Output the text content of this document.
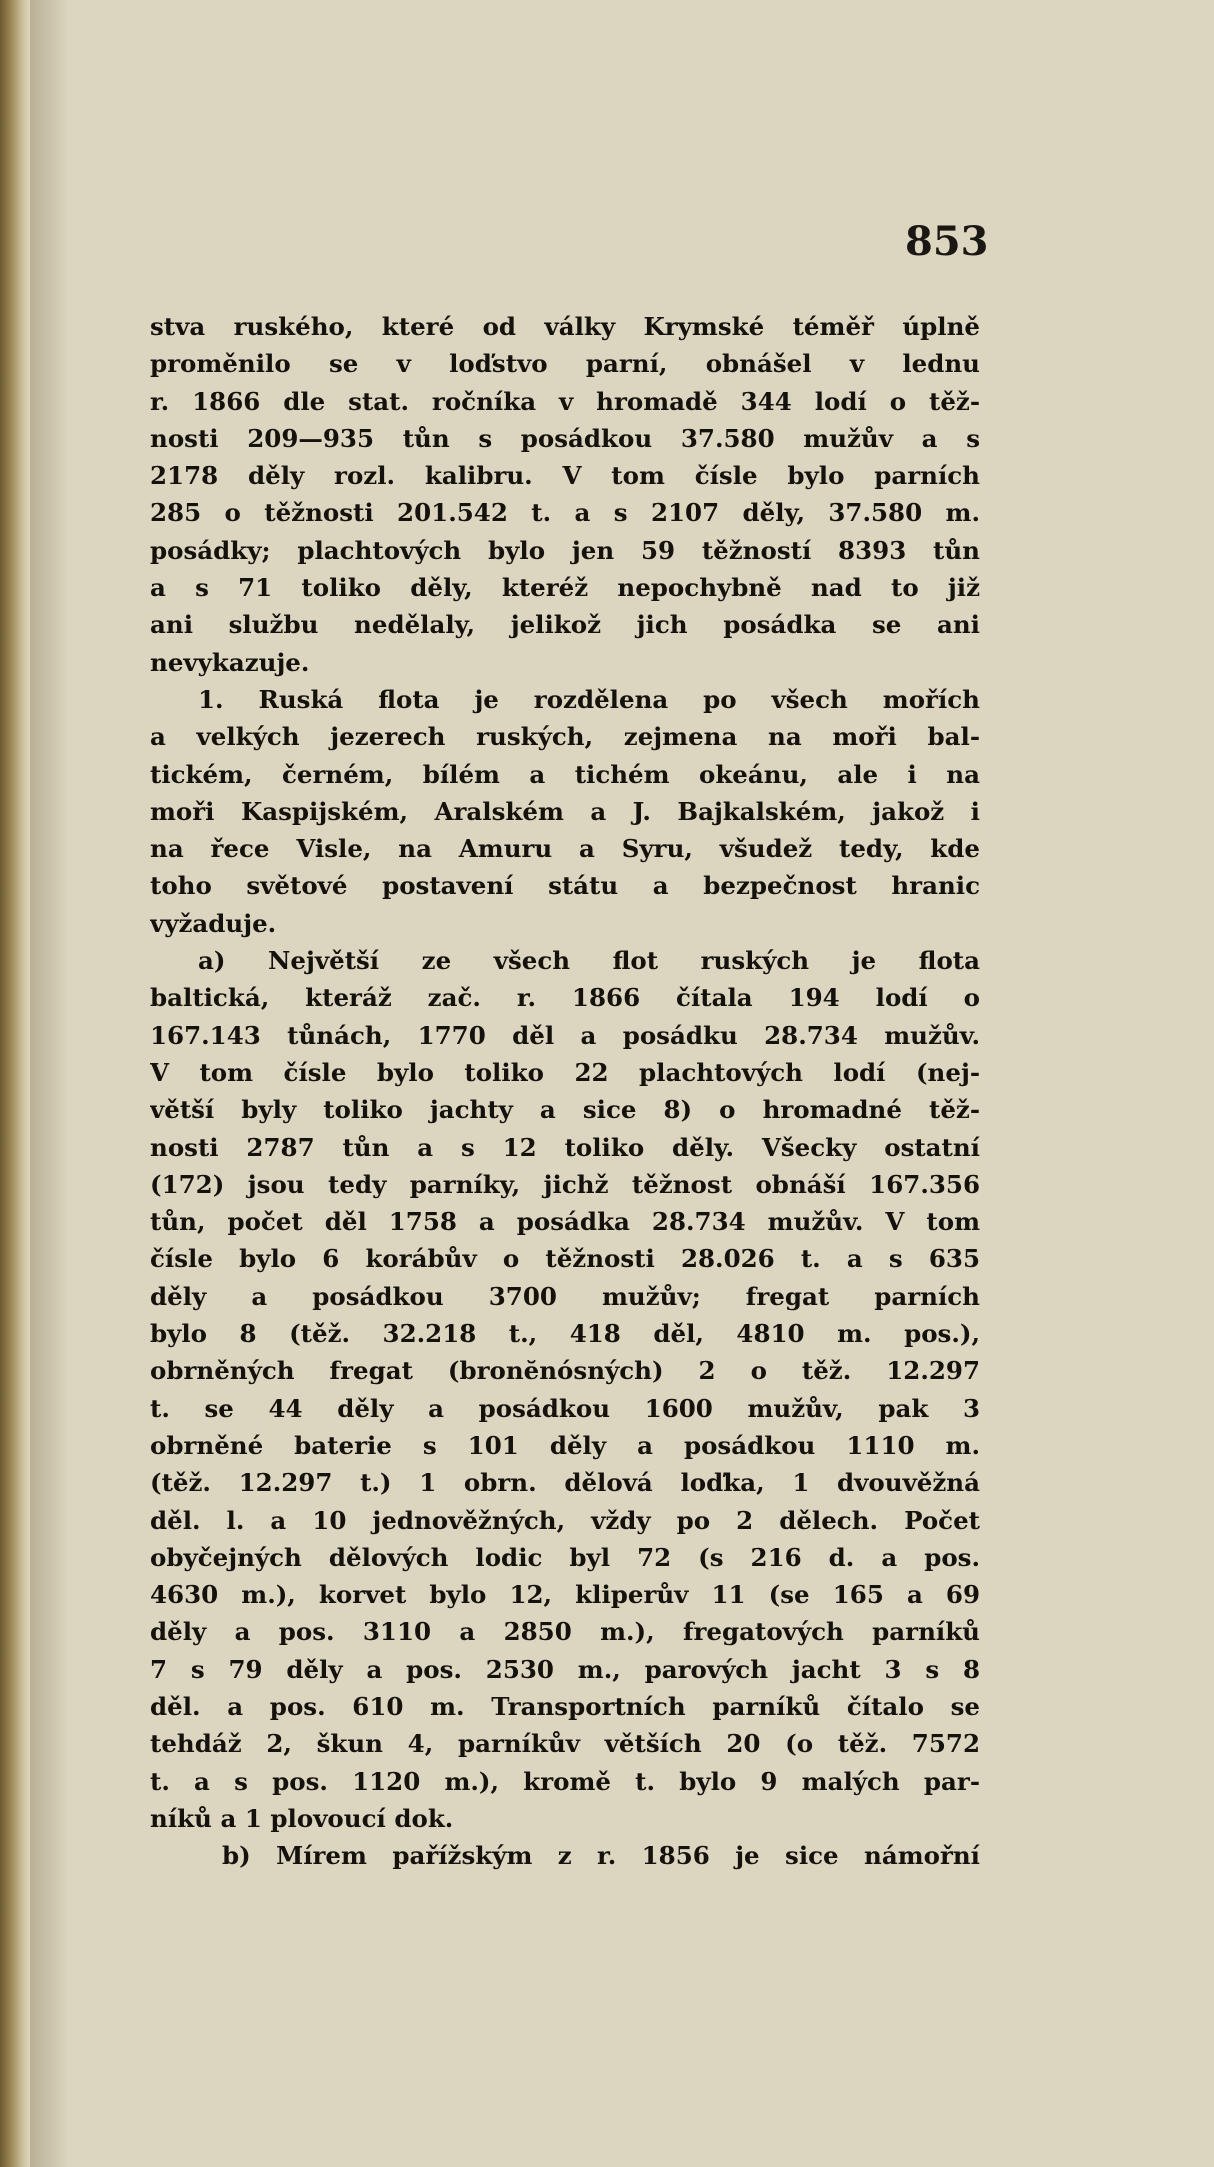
853
stva ruského, které od války Krymské téměř úplně
proměnilo se v loďstvo parní, obnášel v lednu
r. 1866 dle stat. ročníka v hromadě 344 lodí o těž-
nosti 209—935 tůn s posádkou 37.580 mužův a s
2178 děly rozl. kalibru. V tom čísle bylo parních
285 o těžnosti 201.542 t. a s 2107 děly, 37.580 m.
posádky; plachtových bylo jen 59 těžností 8393 tůn
a s 71 toliko děly, kteréž nepochybně nad to již
ani službu nedělaly, jelikož jich posádka se ani
nevykazuje.
1. Ruská flota je rozdělena po všech mořích
a velkých jezerech ruských, zejmena na moři bal-
tickém, černém, bílém a tichém okeánu, ale i na
moři Kaspijském, Aralském a J. Bajkalském, jakož i
na řece Visle, na Amuru a Syru, všudež tedy, kde
toho světové postavení státu a bezpečnost hranic
vyžaduje.
a) Největší ze všech flot ruských je flota
baltická, kteráž zač. r. 1866 čítala 194 lodí o
167.143 tůnách, 1770 děl a posádku 28.734 mužův.
V tom čísle bylo toliko 22 plachtových lodí (nej-
větší byly toliko jachty a sice 8) o hromadné těž-
nosti 2787 tůn a s 12 toliko děly. Všecky ostatní
(172) jsou tedy parníky, jichž těžnost obnáší 167.356
tůn, počet děl 1758 a posádka 28.734 mužův. V tom
čísle bylo 6 korábův o těžnosti 28.026 t. a s 635
děly a posádkou 3700 mužův; fregat parních
bylo 8 (těž. 32.218 t., 418 děl, 4810 m. pos.),
obrněných fregat (bronĕnósných) 2 o těž. 12.297
t. se 44 děly a posádkou 1600 mužův, pak 3
obrněné baterie s 101 děly a posádkou 1110 m.
(těž. 12.297 t.) 1 obrn. dělová loďka, 1 dvouvěžná
děl. l. a 10 jednověžných, vždy po 2 dělech. Počet
obyčejných dělových lodic byl 72 (s 216 d. a pos.
4630 m.), korvet bylo 12, kliperův 11 (se 165 a 69
děly a pos. 3110 a 2850 m.), fregatových parníků
7 s 79 děly a pos. 2530 m., parových jacht 3 s 8
děl. a pos. 610 m. Transportních parníků čítalo se
tehdáž 2, škun 4, parníkův větších 20 (o těž. 7572
t. a s pos. 1120 m.), kromě t. bylo 9 malých par-
níků a 1 plovoucí dok.
b) Mírem pařížským z r. 1856 je sice námořní
